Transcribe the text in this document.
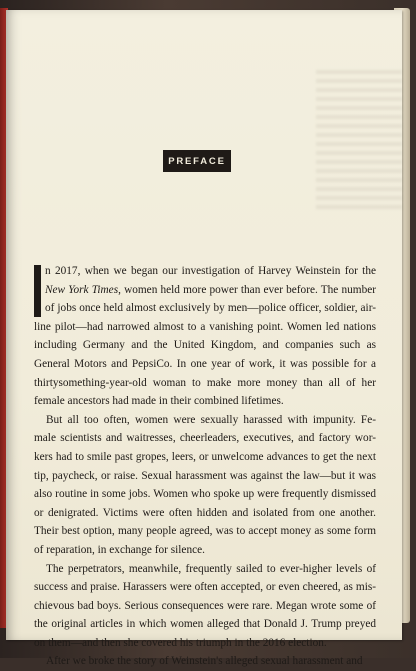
PREFACE
n 2017, when we began our investigation of Harvey Weinstein for the
New York Times, women held more power than ever before. The number
of jobs once held almost exclusively by men—police officer, soldier, air-
line pilot—had narrowed almost to a vanishing point. Women led nations
including Germany and the United Kingdom, and companies such as
General Motors and PepsiCo. In one year of work, it was possible for a
thirtysomething-year-old woman to make more money than all of her
female ancestors had made in their combined lifetimes.
But all too often, women were sexually harassed with impunity. Fe-
male scientists and waitresses, cheerleaders, executives, and factory wor-
kers had to smile past gropes, leers, or unwelcome advances to get the next
tip, paycheck, or raise. Sexual harassment was against the law—but it was
also routine in some jobs. Women who spoke up were frequently dismissed
or denigrated. Victims were often hidden and isolated from one another.
Their best option, many people agreed, was to accept money as some form
of reparation, in exchange for silence.
The perpetrators, meanwhile, frequently sailed to ever-higher levels of
success and praise. Harassers were often accepted, or even cheered, as mis-
chievous bad boys. Serious consequences were rare. Megan wrote some of
the original articles in which women alleged that Donald J. Trump preyed
on them—and then she covered his triumph in the 2016 election.
After we broke the story of Weinstein's alleged sexual harassment and
